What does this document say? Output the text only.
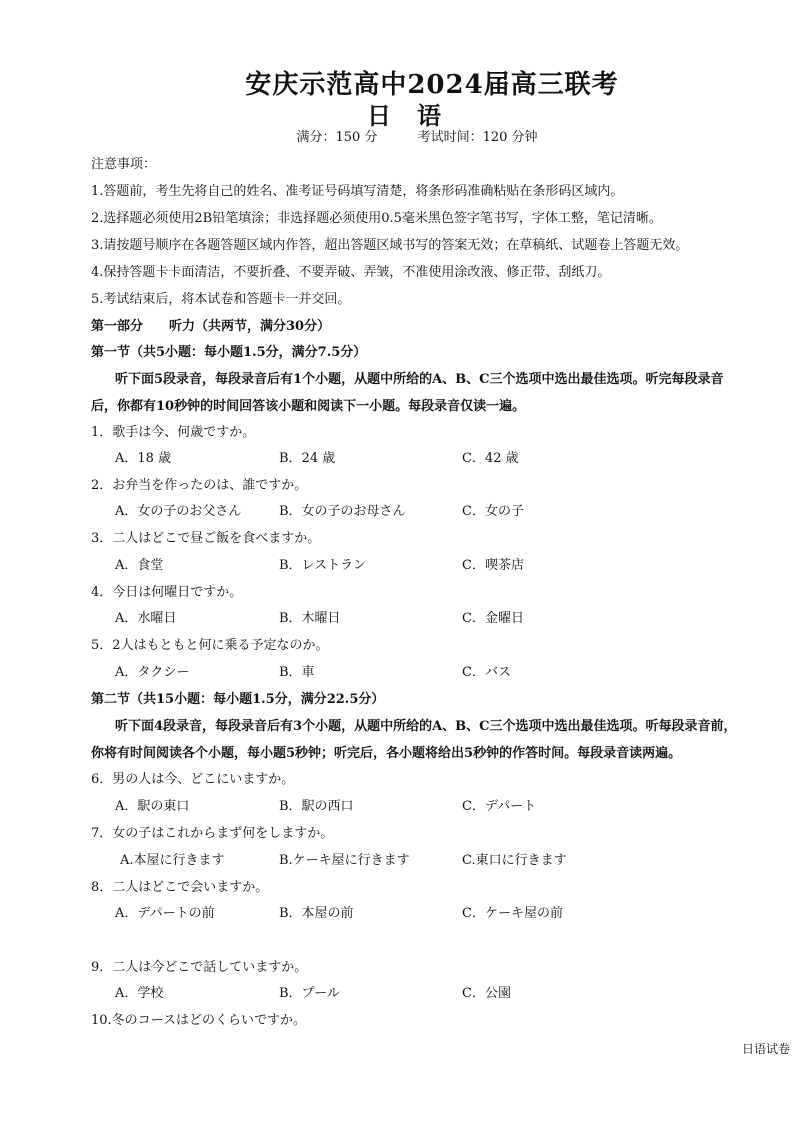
安庆示范高中2024届高三联考
日语
满分：150 分	考试时间：120 分钟
注意事项：
1.答题前，考生先将自己的姓名、准考证号码填写清楚，将条形码准确粘贴在条形码区域内。
2.选择题必须使用2B铅笔填涂；非选择题必须使用0.5毫米黑色签字笔书写，字体工整，笔记清晰。
3.请按题号顺序在各题答题区域内作答，超出答题区域书写的答案无效；在草稿纸、试题卷上答题无效。
4.保持答题卡卡面清洁，不要折叠、不要弄破、弄皱，不准使用涂改液、修正带、刮纸刀。
5.考试结束后，将本试卷和答题卡一并交回。
第一部分　　听力（共两节，满分30分）
第一节（共5小题：每小题1.5分，满分7.5分）
听下面5段录音，每段录音后有1个小题，从题中所给的A、B、C三个选项中选出最佳选项。听完每段录音
后，你都有10秒钟的时间回答该小题和阅读下一小题。每段录音仅读一遍。
1．歌手は今、何歳ですか。
A．18 歳	B．24 歳	C．42 歳
2．お弁当を作ったのは、誰ですか。
A．女の子のお父さん	B．女の子のお母さん	C．女の子
3．二人はどこで昼ご飯を食べますか。
A．食堂	B．レストラン	C．喫茶店
4．今日は何曜日ですか。
A．水曜日	B．木曜日	C．金曜日
5．2人はもともと何に乗る予定なのか。
A．タクシー	B．車	C．バス
第二节（共15小题：每小题1.5分，满分22.5分）
听下面4段录音，每段录音后有3个小题，从题中所给的A、B、C三个选项中选出最佳选项。听每段录音前，
你将有时间阅读各个小题，每小题5秒钟；听完后，各小题将给出5秒钟的作答时间。每段录音读两遍。
6．男の人は今、どこにいますか。
A．駅の東口	B．駅の西口	C．デパート
7．女の子はこれからまず何をしますか。
A.本屋に行きます	B.ケーキ屋に行きます	C.東口に行きます
8．二人はどこで会いますか。
A．デパートの前	B．本屋の前	C．ケーキ屋の前
9．二人は今どこで話していますか。
A．学校	B．プール	C．公園
10.冬のコースはどのくらいですか。
日语试卷
